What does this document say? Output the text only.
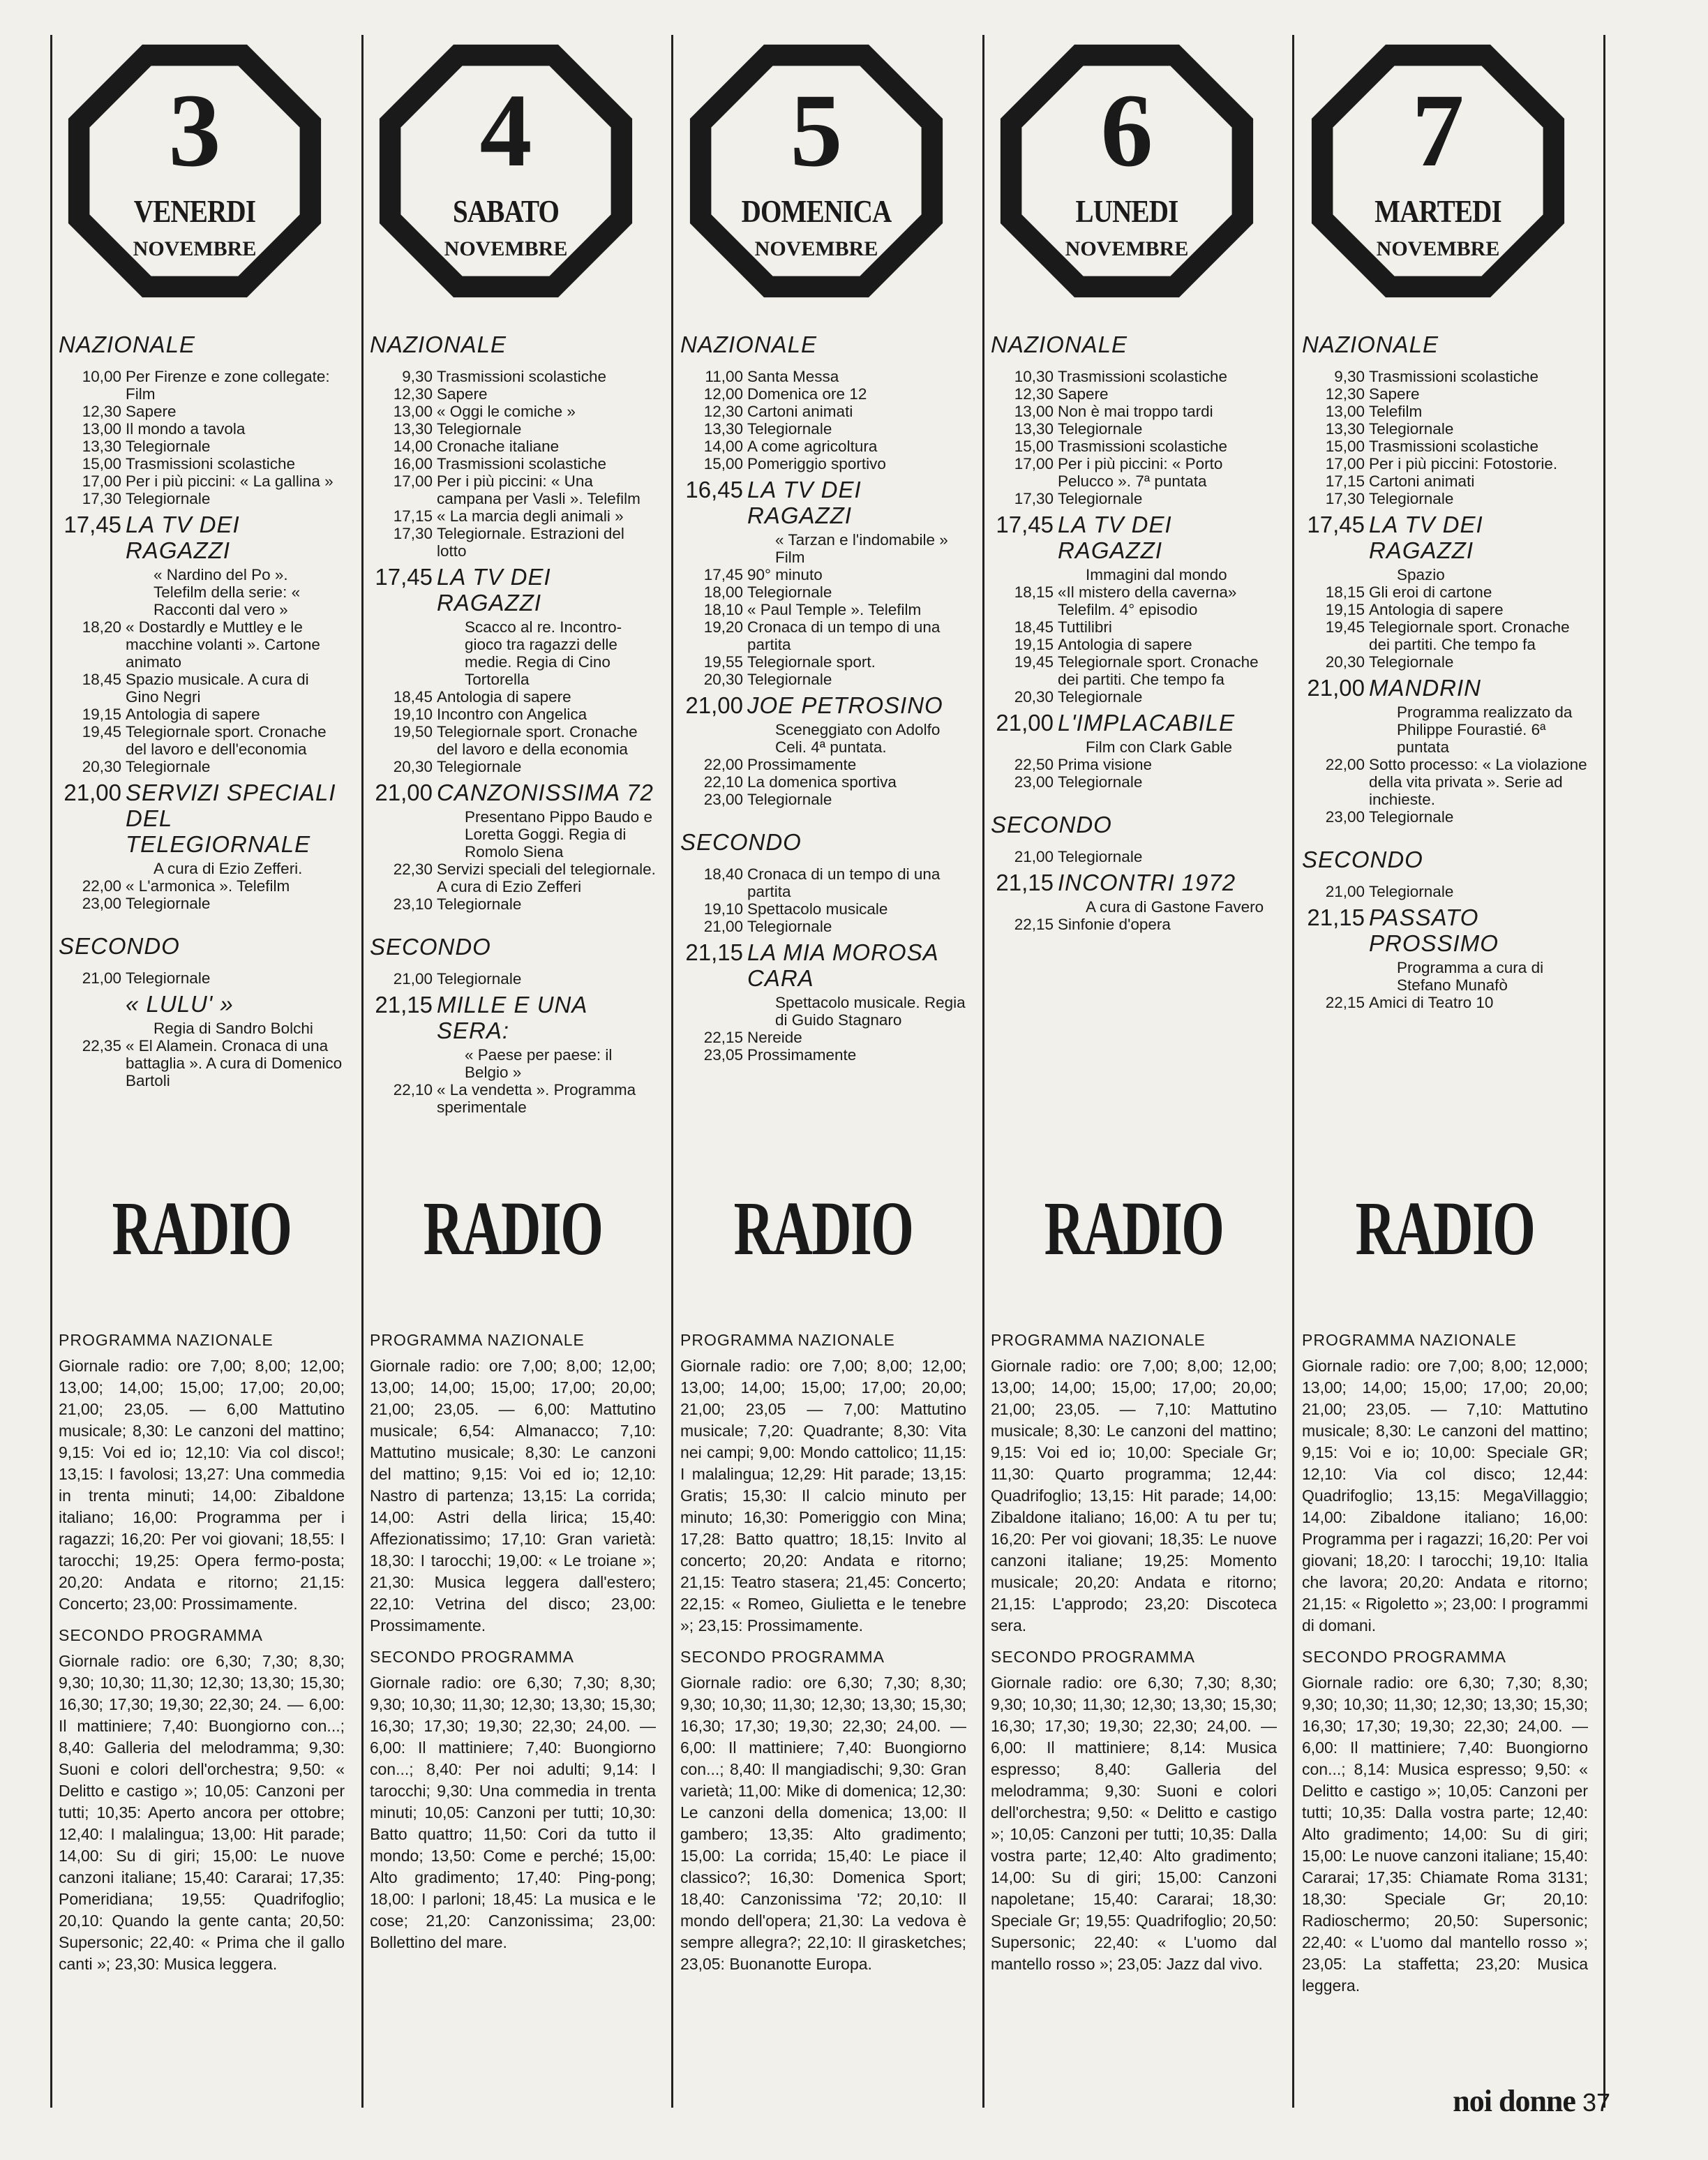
3
VENERDI
NOVEMBRE
NAZIONALE
10,00 Per Firenze e zone collegate: Film
12,30 Sapere
13,00 Il mondo a tavola
13,30 Telegiornale
15,00 Trasmissioni scolastiche
17,00 Per i più piccini: « La gallina »
17,30 Telegiornale
17,45 LA TV DEI RAGAZZI
« Nardino del Po ». Telefilm della serie: « Racconti dal vero »
18,20 « Dostardly e Muttley e le macchine volanti ». Cartone animato
18,45 Spazio musicale. A cura di Gino Negri
19,15 Antologia di sapere
19,45 Telegiornale sport. Cronache del lavoro e dell'economia
20,30 Telegiornale
21,00 SERVIZI SPECIALI DEL TELEGIORNALE
A cura di Ezio Zefferi.
22,00 « L'armonica ». Telefilm
23,00 Telegiornale
SECONDO
21,00 Telegiornale
« LULU' »
Regia di Sandro Bolchi
22,35 « El Alamein. Cronaca di una battaglia ». A cura di Domenico Bartoli
RADIO
PROGRAMMA NAZIONALE
Giornale radio: ore 7,00; 8,00; 12,00; 13,00; 14,00; 15,00; 17,00; 20,00; 21,00; 23,05. — 6,00 Mattutino musicale; 8,30: Le canzoni del mattino; 9,15: Voi ed io; 12,10: Via col disco!; 13,15: I favolosi; 13,27: Una commedia in trenta minuti; 14,00: Zibaldone italiano; 16,00: Programma per i ragazzi; 16,20: Per voi giovani; 18,55: I tarocchi; 19,25: Opera fermo-posta; 20,20: Andata e ritorno; 21,15: Concerto; 23,00: Prossimamente.
SECONDO PROGRAMMA
Giornale radio: ore 6,30; 7,30; 8,30; 9,30; 10,30; 11,30; 12,30; 13,30; 15,30; 16,30; 17,30; 19,30; 22,30; 24. — 6,00: Il mattiniere; 7,40: Buongiorno con...; 8,40: Galleria del melodramma; 9,30: Suoni e colori dell'orchestra; 9,50: « Delitto e castigo »; 10,05: Canzoni per tutti; 10,35: Aperto ancora per ottobre; 12,40: I malalingua; 13,00: Hit parade; 14,00: Su di giri; 15,00: Le nuove canzoni italiane; 15,40: Cararai; 17,35: Pomeridiana; 19,55: Quadrifoglio; 20,10: Quando la gente canta; 20,50: Supersonic; 22,40: « Prima che il gallo canti »; 23,30: Musica leggera.
4
SABATO
NOVEMBRE
NAZIONALE
9,30 Trasmissioni scolastiche
12,30 Sapere
13,00 « Oggi le comiche »
13,30 Telegiornale
14,00 Cronache italiane
16,00 Trasmissioni scolastiche
17,00 Per i più piccini: « Una campana per Vasli ». Telefilm
17,15 « La marcia degli animali »
17,30 Telegiornale. Estrazioni del lotto
17,45 LA TV DEI RAGAZZI
Scacco al re. Incontro-gioco tra ragazzi delle medie. Regia di Cino Tortorella
18,45 Antologia di sapere
19,10 Incontro con Angelica
19,50 Telegiornale sport. Cronache del lavoro e della economia
20,30 Telegiornale
21,00 CANZONISSIMA 72
Presentano Pippo Baudo e Loretta Goggi. Regia di Romolo Siena
22,30 Servizi speciali del telegiornale. A cura di Ezio Zefferi
23,10 Telegiornale
SECONDO
21,00 Telegiornale
21,15 MILLE E UNA SERA:
« Paese per paese: il Belgio »
22,10 « La vendetta ». Programma sperimentale
RADIO
PROGRAMMA NAZIONALE
Giornale radio: ore 7,00; 8,00; 12,00; 13,00; 14,00; 15,00; 17,00; 20,00; 21,00; 23,05. — 6,00: Mattutino musicale; 6,54: Almanacco; 7,10: Mattutino musicale; 8,30: Le canzoni del mattino; 9,15: Voi ed io; 12,10: Nastro di partenza; 13,15: La corrida; 14,00: Astri della lirica; 15,40: Affezionatissimo; 17,10: Gran varietà: 18,30: I tarocchi; 19,00: « Le troiane »; 21,30: Musica leggera dall'estero; 22,10: Vetrina del disco; 23,00: Prossimamente.
SECONDO PROGRAMMA
Giornale radio: ore 6,30; 7,30; 8,30; 9,30; 10,30; 11,30; 12,30; 13,30; 15,30; 16,30; 17,30; 19,30; 22,30; 24,00. — 6,00: Il mattiniere; 7,40: Buongiorno con...; 8,40: Per noi adulti; 9,14: I tarocchi; 9,30: Una commedia in trenta minuti; 10,05: Canzoni per tutti; 10,30: Batto quattro; 11,50: Cori da tutto il mondo; 13,50: Come e perché; 15,00: Alto gradimento; 17,40: Ping-pong; 18,00: I parloni; 18,45: La musica e le cose; 21,20: Canzonissima; 23,00: Bollettino del mare.
5
DOMENICA
NOVEMBRE
NAZIONALE
11,00 Santa Messa
12,00 Domenica ore 12
12,30 Cartoni animati
13,30 Telegiornale
14,00 A come agricoltura
15,00 Pomeriggio sportivo
16,45 LA TV DEI RAGAZZI
« Tarzan e l'indomabile » Film
17,45 90° minuto
18,00 Telegiornale
18,10 « Paul Temple ». Telefilm
19,20 Cronaca di un tempo di una partita
19,55 Telegiornale sport.
20,30 Telegiornale
21,00 JOE PETROSINO
Sceneggiato con Adolfo Celi. 4ª puntata.
22,00 Prossimamente
22,10 La domenica sportiva
23,00 Telegiornale
SECONDO
18,40 Cronaca di un tempo di una partita
19,10 Spettacolo musicale
21,00 Telegiornale
21,15 LA MIA MOROSA CARA
Spettacolo musicale. Regia di Guido Stagnaro
22,15 Nereide
23,05 Prossimamente
RADIO
PROGRAMMA NAZIONALE
Giornale radio: ore 7,00; 8,00; 12,00; 13,00; 14,00; 15,00; 17,00; 20,00; 21,00; 23,05 — 7,00: Mattutino musicale; 7,20: Quadrante; 8,30: Vita nei campi; 9,00: Mondo cattolico; 11,15: I malalingua; 12,29: Hit parade; 13,15: Gratis; 15,30: Il calcio minuto per minuto; 16,30: Pomeriggio con Mina; 17,28: Batto quattro; 18,15: Invito al concerto; 20,20: Andata e ritorno; 21,15: Teatro stasera; 21,45: Concerto; 22,15: « Romeo, Giulietta e le tenebre »; 23,15: Prossimamente.
SECONDO PROGRAMMA
Giornale radio: ore 6,30; 7,30; 8,30; 9,30; 10,30; 11,30; 12,30; 13,30; 15,30; 16,30; 17,30; 19,30; 22,30; 24,00. — 6,00: Il mattiniere; 7,40: Buongiorno con...; 8,40: Il mangiadischi; 9,30: Gran varietà; 11,00: Mike di domenica; 12,30: Le canzoni della domenica; 13,00: Il gambero; 13,35: Alto gradimento; 15,00: La corrida; 15,40: Le piace il classico?; 16,30: Domenica Sport; 18,40: Canzonissima '72; 20,10: Il mondo dell'opera; 21,30: La vedova è sempre allegra?; 22,10: Il girasketches; 23,05: Buonanotte Europa.
6
LUNEDI
NOVEMBRE
NAZIONALE
10,30 Trasmissioni scolastiche
12,30 Sapere
13,00 Non è mai troppo tardi
13,30 Telegiornale
15,00 Trasmissioni scolastiche
17,00 Per i più piccini: « Porto Pelucco ». 7ª puntata
17,30 Telegiornale
17,45 LA TV DEI RAGAZZI
Immagini dal mondo
18,15 «Il mistero della caverna» Telefilm. 4° episodio
18,45 Tuttilibri
19,15 Antologia di sapere
19,45 Telegiornale sport. Cronache dei partiti. Che tempo fa
20,30 Telegiornale
21,00 L'IMPLACABILE
Film con Clark Gable
22,50 Prima visione
23,00 Telegiornale
SECONDO
21,00 Telegiornale
21,15 INCONTRI 1972
A cura di Gastone Favero
22,15 Sinfonie d'opera
RADIO
PROGRAMMA NAZIONALE
Giornale radio: ore 7,00; 8,00; 12,00; 13,00; 14,00; 15,00; 17,00; 20,00; 21,00; 23,05. — 7,10: Mattutino musicale; 8,30: Le canzoni del mattino; 9,15: Voi ed io; 10,00: Speciale Gr; 11,30: Quarto programma; 12,44: Quadrifoglio; 13,15: Hit parade; 14,00: Zibaldone italiano; 16,00: A tu per tu; 16,20: Per voi giovani; 18,35: Le nuove canzoni italiane; 19,25: Momento musicale; 20,20: Andata e ritorno; 21,15: L'approdo; 23,20: Discoteca sera.
SECONDO PROGRAMMA
Giornale radio: ore 6,30; 7,30; 8,30; 9,30; 10,30; 11,30; 12,30; 13,30; 15,30; 16,30; 17,30; 19,30; 22,30; 24,00. — 6,00: Il mattiniere; 8,14: Musica espresso; 8,40: Galleria del melodramma; 9,30: Suoni e colori dell'orchestra; 9,50: « Delitto e castigo »; 10,05: Canzoni per tutti; 10,35: Dalla vostra parte; 12,40: Alto gradimento; 14,00: Su di giri; 15,00: Canzoni napoletane; 15,40: Cararai; 18,30: Speciale Gr; 19,55: Quadrifoglio; 20,50: Supersonic; 22,40: « L'uomo dal mantello rosso »; 23,05: Jazz dal vivo.
7
MARTEDI
NOVEMBRE
NAZIONALE
9,30 Trasmissioni scolastiche
12,30 Sapere
13,00 Telefilm
13,30 Telegiornale
15,00 Trasmissioni scolastiche
17,00 Per i più piccini: Fotostorie.
17,15 Cartoni animati
17,30 Telegiornale
17,45 LA TV DEI RAGAZZI
Spazio
18,15 Gli eroi di cartone
19,15 Antologia di sapere
19,45 Telegiornale sport. Cronache dei partiti. Che tempo fa
20,30 Telegiornale
21,00 MANDRIN
Programma realizzato da Philippe Fourastié. 6ª puntata
22,00 Sotto processo: « La violazione della vita privata ». Serie ad inchieste.
23,00 Telegiornale
SECONDO
21,00 Telegiornale
21,15 PASSATO PROSSIMO
Programma a cura di Stefano Munafò
22,15 Amici di Teatro 10
RADIO
PROGRAMMA NAZIONALE
Giornale radio: ore 7,00; 8,00; 12,000; 13,00; 14,00; 15,00; 17,00; 20,00; 21,00; 23,05. — 7,10: Mattutino musicale; 8,30: Le canzoni del mattino; 9,15: Voi e io; 10,00: Speciale GR; 12,10: Via col disco; 12,44: Quadrifoglio; 13,15: MegaVillaggio; 14,00: Zibaldone italiano; 16,00: Programma per i ragazzi; 16,20: Per voi giovani; 18,20: I tarocchi; 19,10: Italia che lavora; 20,20: Andata e ritorno; 21,15: « Rigoletto »; 23,00: I programmi di domani.
SECONDO PROGRAMMA
Giornale radio: ore 6,30; 7,30; 8,30; 9,30; 10,30; 11,30; 12,30; 13,30; 15,30; 16,30; 17,30; 19,30; 22,30; 24,00. — 6,00: Il mattiniere; 7,40: Buongiorno con...; 8,14: Musica espresso; 9,50: « Delitto e castigo »; 10,05: Canzoni per tutti; 10,35: Dalla vostra parte; 12,40: Alto gradimento; 14,00: Su di giri; 15,00: Le nuove canzoni italiane; 15,40: Cararai; 17,35: Chiamate Roma 3131; 18,30: Speciale Gr; 20,10: Radioschermo; 20,50: Supersonic; 22,40: « L'uomo dal mantello rosso »; 23,05: La staffetta; 23,20: Musica leggera.
noi donne 37
